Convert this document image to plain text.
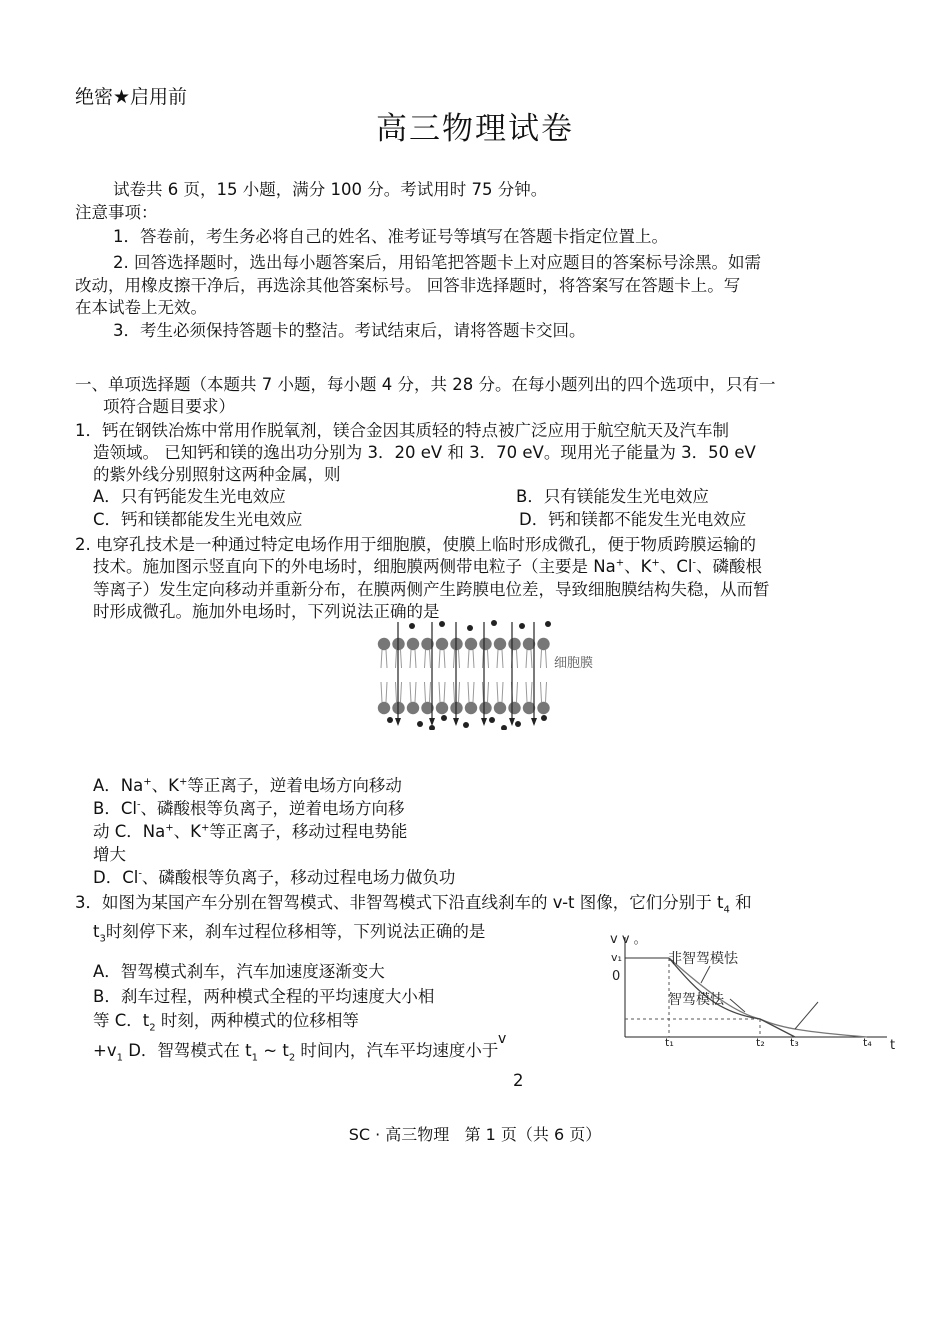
绝密★启用前
高三物理试卷
试卷共 6 页，15 小题，满分 100 分。考试用时 75 分钟。
注意事项：
1．答卷前，考生务必将自己的姓名、准考证号等填写在答题卡指定位置上。
2. 回答选择题时，选出每小题答案后，用铅笔把答题卡上对应题目的答案标号涂黑。如需
改动，用橡皮擦干净后，再选涂其他答案标号。 回答非选择题时，将答案写在答题卡上。写
在本试卷上无效。
3．考生必须保持答题卡的整洁。考试结束后，请将答题卡交回。
一、单项选择题（本题共 7 小题，每小题 4 分，共 28 分。在每小题列出的四个选项中，只有一
项符合题目要求）
1．钙在钢铁冶炼中常用作脱氧剂，镁合金因其质轻的特点被广泛应用于航空航天及汽车制
造领域。 已知钙和镁的逸出功分别为 3．20 eV 和 3．70 eV。现用光子能量为 3．50 eV
的紫外线分别照射这两种金属，则
A．只有钙能发生光电效应	B．只有镁能发生光电效应
C．钙和镁都能发生光电效应	D．钙和镁都不能发生光电效应
2. 电穿孔技术是一种通过特定电场作用于细胞膜，使膜上临时形成微孔，便于物质跨膜运输的
技术。施加图示竖直向下的外电场时，细胞膜两侧带电粒子（主要是 Na+、K+、Cl-、磷酸根
等离子）发生定向移动并重新分布，在膜两侧产生跨膜电位差，导致细胞膜结构失稳，从而暂
时形成微孔。施加外电场时，下列说法正确的是
细胞膜
A．Na+、K+等正离子，逆着电场方向移动
B．Cl-、磷酸根等负离子，逆着电场方向移
动 C．Na+、K+等正离子，移动过程电势能
增大
D．Cl-、磷酸根等负离子，移动过程电场力做负功
3．如图为某国产车分别在智驾模式、非智驾模式下沿直线刹车的 v-t 图像，它们分别于 $t_4$ 和
$t_3$时刻停下来，刹车过程位移相等，下列说法正确的是
A．智驾模式刹车，汽车加速度逐渐变大
B．刹车过程，两种模式全程的平均速度大小相
等 C．$t_2$ 时刻，两种模式的位移相等
$+v_1$ D．智驾模式在 $t_1$ ~ $t_2$ 时间内，汽车平均速度小于
v
2
v v 。
v₁
0
非智驾模怯
智驾模怯
t₁	t₂ t₃	t₄ t
SC · 高三物理 第 1 页（共 6 页）
